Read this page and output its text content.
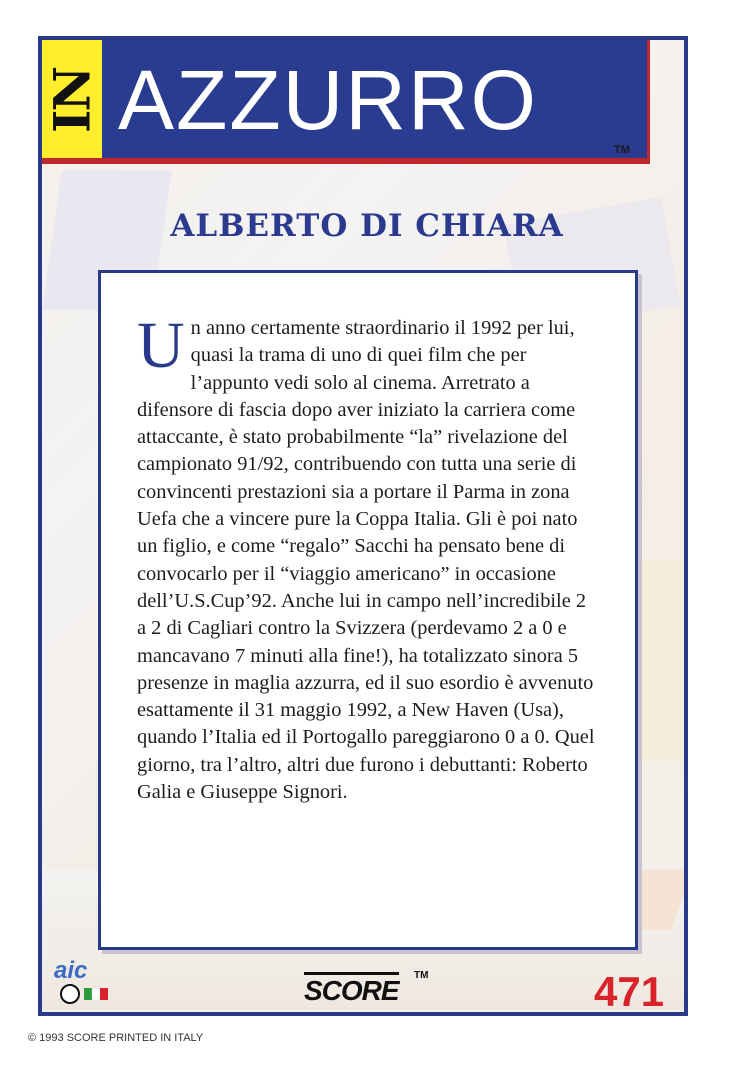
IN AZZURRO
TM
ALBERTO DI CHIARA

Un anno certamente straordinario il 1992 per lui, quasi la trama di uno di quei film che per l’appunto vedi solo al cinema. Arretrato a difensore di fascia dopo aver iniziato la carriera come attaccante, è stato probabilmente “la” rivelazione del campionato 91/92, contribuendo con tutta una serie di convincenti prestazioni sia a portare il Parma in zona Uefa che a vincere pure la Coppa Italia. Gli è poi nato un figlio, e come “regalo” Sacchi ha pensato bene di convocarlo per il “viaggio americano” in occasione dell’U.S.Cup’92. Anche lui in campo nell’incredibile 2 a 2 di Cagliari contro la Svizzera (perdevamo 2 a 0 e mancavano 7 minuti alla fine!), ha totalizzato sinora 5 presenze in maglia azzurra, ed il suo esordio è avvenuto esattamente il 31 maggio 1992, a New Haven (Usa), quando l’Italia ed il Portogallo pareggiarono 0 a 0. Quel giorno, tra l’altro, altri due furono i debuttanti: Roberto Galia e Giuseppe Signori.

aic
SCORE TM	471
© 1993 SCORE PRINTED IN ITALY
